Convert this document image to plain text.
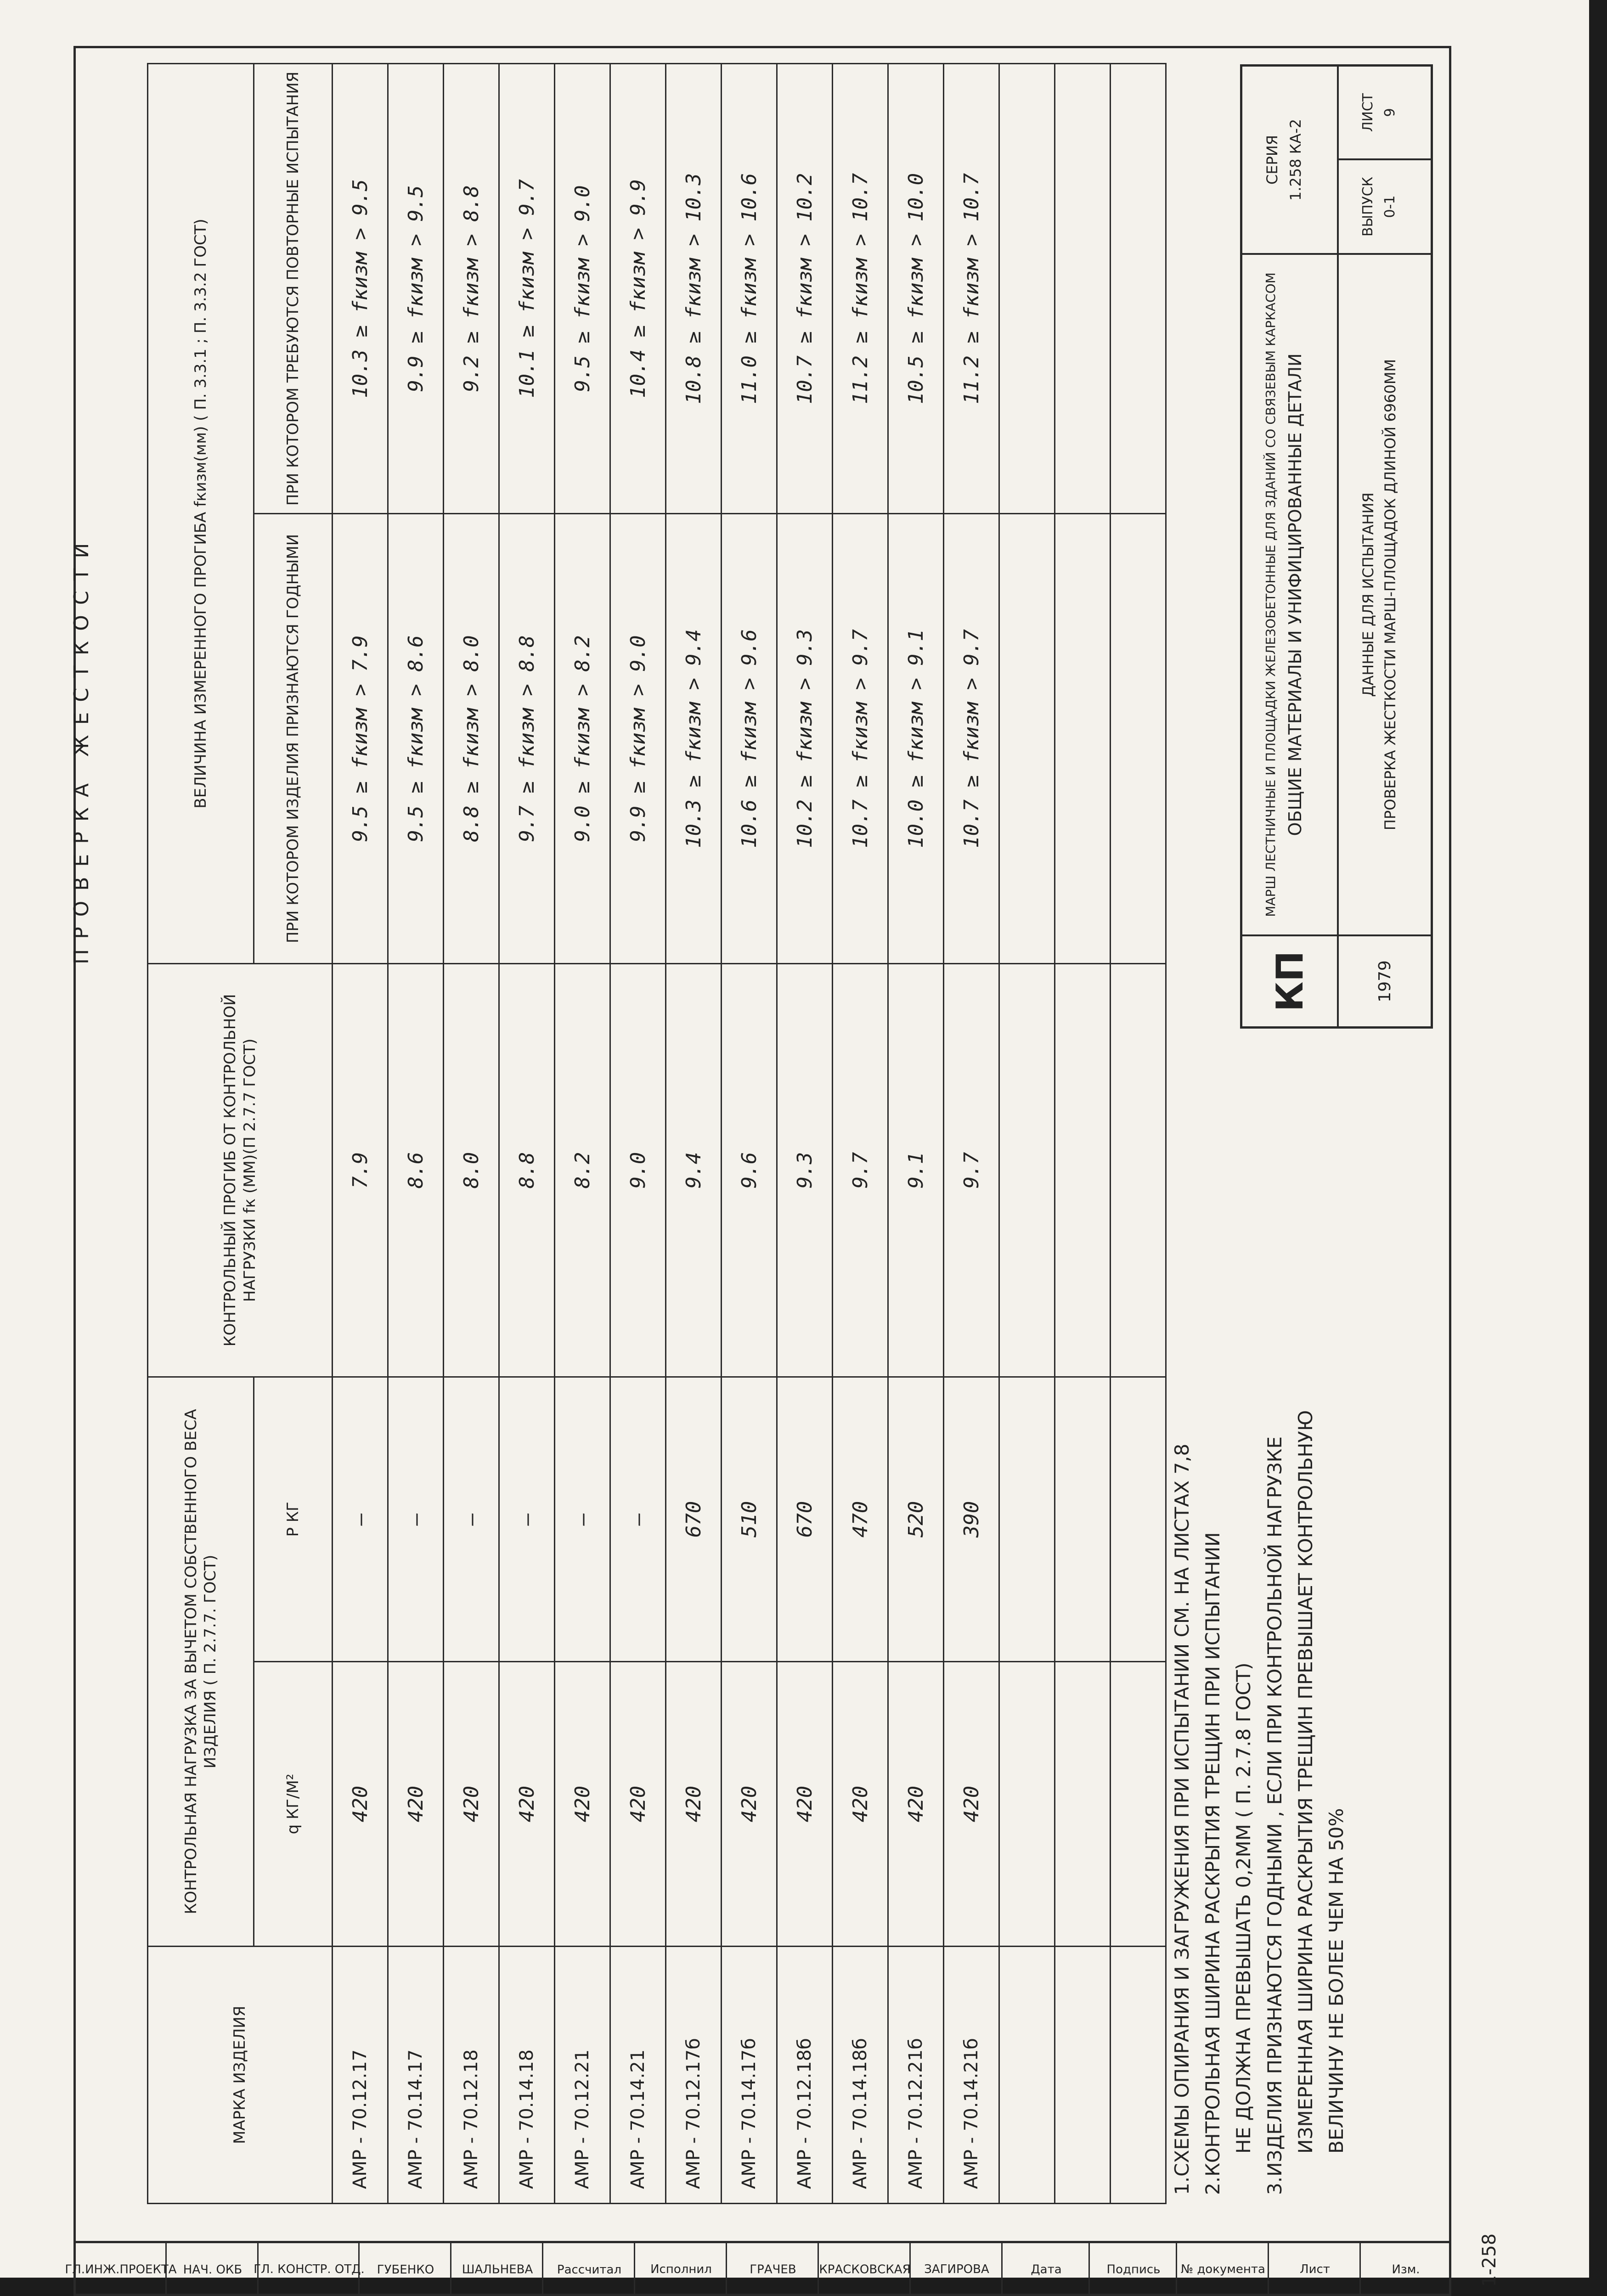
ГЛ.ИНЖ.ПРОЕКТА НАЧ. ОКБ ГЛ. КОНСТР. ОТД. ГУБЕНКО ШАЛЬНЕВА Рассчитал Исполнил	ГРАЧЕВ КРАСКОВСКАЯ ЗАГИРОВА	Дата	Подпись № документа	Лист	Изм.
ПРОВЕРКА ЖЕСТКОСТИ
МАРКА ИЗДЕЛИЯ	КОНТРОЛЬНАЯ НАГРУЗКА ЗА ВЫЧЕТОМ СОБСТВЕННОГО ВЕСА ИЗДЕЛИЯ ( П. 2.7.7. ГОСТ)		КОНТРОЛЬНЫЙ ПРОГИБ ОТ КОНТРОЛЬНОЙ НАГРУЗКИ fк (ММ)(П 2.7.7 ГОСТ)	ВЕЛИЧИНА ИЗМЕРЕННОГО ПРОГИБА fкизм(мм) ( П. 3.3.1 ; П. 3.3.2 ГОСТ)	
	q КГ/М²	P КГ		ПРИ КОТОРОМ ИЗДЕЛИЯ ПРИЗНАЮТСЯ ГОДНЫМИ	ПРИ КОТОРОМ ТРЕБУЮТСЯ ПОВТОРНЫЕ ИСПЫТАНИЯ
АМР - 70.12.17	420	—	7.9	9.5 ≥ fкизм > 7.9	10.3 ≥ fкизм > 9.5
АМР - 70.14.17	420	—	8.6	9.5 ≥ fкизм > 8.6	9.9 ≥ fкизм > 9.5
АМР - 70.12.18	420	—	8.0	8.8 ≥ fкизм > 8.0	9.2 ≥ fкизм > 8.8
АМР - 70.14.18	420	—	8.8	9.7 ≥ fкизм > 8.8	10.1 ≥ fкизм > 9.7
АМР - 70.12.21	420	—	8.2	9.0 ≥ fкизм > 8.2	9.5 ≥ fкизм > 9.0
АМР - 70.14.21	420	—	9.0	9.9 ≥ fкизм > 9.0	10.4 ≥ fкизм > 9.9
АМР - 70.12.17б	420	670	9.4	10.3 ≥ fкизм > 9.4	10.8 ≥ fкизм > 10.3
АМР - 70.14.17б	420	510	9.6	10.6 ≥ fкизм > 9.6	11.0 ≥ fкизм > 10.6
АМР - 70.12.18б	420	670	9.3	10.2 ≥ fкизм > 9.3	10.7 ≥ fкизм > 10.2
АМР - 70.14.18б	420	470	9.7	10.7 ≥ fкизм > 9.7	11.2 ≥ fкизм > 10.7
АМР - 70.12.21б	420	520	9.1	10.0 ≥ fкизм > 9.1	10.5 ≥ fкизм > 10.0
АМР - 70.14.21б	420	390	9.7	10.7 ≥ fкизм > 9.7	11.2 ≥ fкизм > 10.7

1.СХЕМЫ ОПИРАНИЯ И ЗАГРУЖЕНИЯ ПРИ ИСПЫТАНИИ СМ. НА ЛИСТАХ 7,8 2.КОНТРОЛЬНАЯ ШИРИНА РАСКРЫТИЯ ТРЕЩИН ПРИ ИСПЫТАНИИ НЕ ДОЛЖНА ПРЕВЫШАТЬ 0,2ММ ( П. 2.7.8 ГОСТ) 3.ИЗДЕЛИЯ ПРИЗНАЮТСЯ ГОДНЫМИ , ЕСЛИ ПРИ КОНТРОЛЬНОЙ НАГРУЗКЕ ИЗМЕРЕННАЯ ШИРИНА РАСКРЫТИЯ ТРЕЩИН ПРЕВЫШАЕТ КОНТРОЛЬНУЮ ВЕЛИЧИНУ НЕ БОЛЕЕ ЧЕМ НА 50%
КП	1979
МАРШ ЛЕСТНИЧНЫЕ И ПЛОЩАДКИ ЖЕЛЕЗОБЕТОННЫЕ ДЛЯ ЗДАНИЙ СО СВЯЗЕВЫМ КАРКАСОМ ОБЩИЕ МАТЕРИАЛЫ И УНИФИЦИРОВАННЫЕ ДЕТАЛИ	ДАННЫЕ ДЛЯ ИСПЫТАНИЯ ПРОВЕРКА ЖЕСТКОСТИ МАРШ-ПЛОЩАДОК ДЛИНОЙ 6960ММ
СЕРИЯ 1.258 КА-2
ВЫПУСК 0-1
ЛИСТ 9
1-258
